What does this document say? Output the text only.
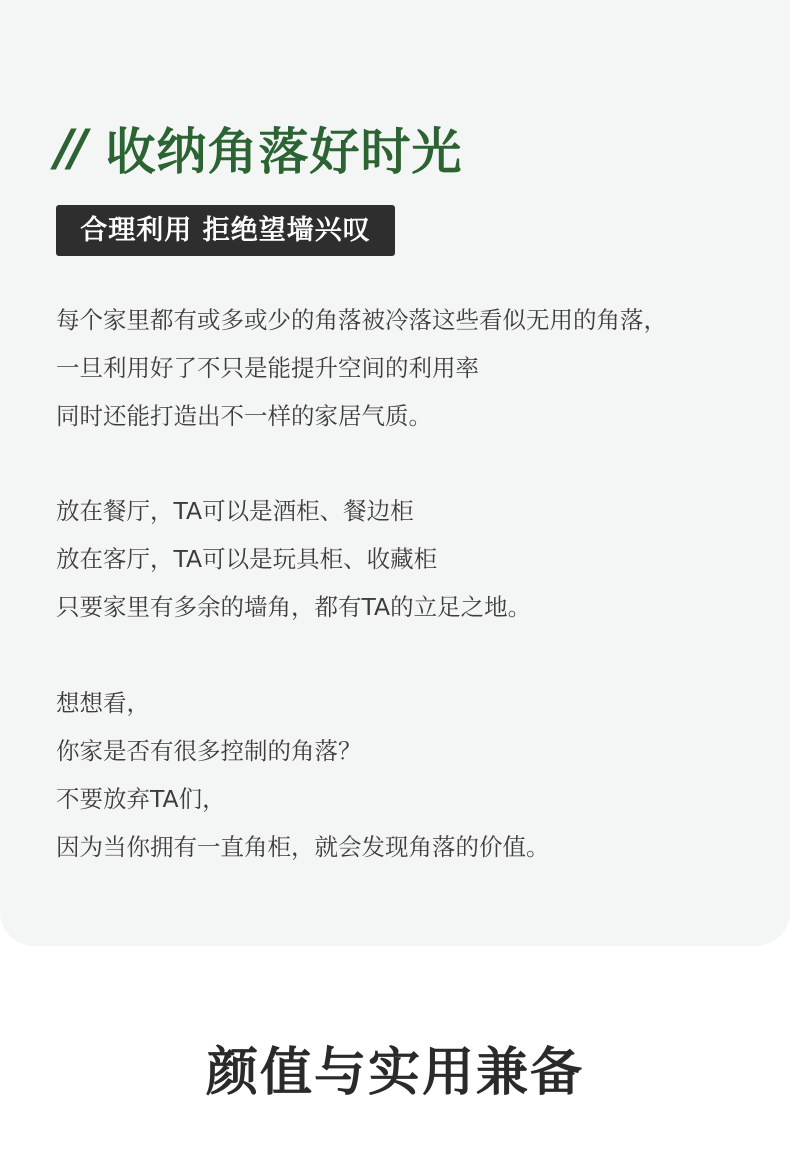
// 收纳角落好时光
合理利用 拒绝望墙兴叹

每个家里都有或多或少的角落被冷落这些看似无用的角落，
一旦利用好了不只是能提升空间的利用率
同时还能打造出不一样的家居气质。

放在餐厅，TA可以是酒柜、餐边柜
放在客厅，TA可以是玩具柜、收藏柜
只要家里有多余的墙角，都有TA的立足之地。

想想看，
你家是否有很多控制的角落？
不要放弃TA们，
因为当你拥有一直角柜，就会发现角落的价值。

颜值与实用兼备
